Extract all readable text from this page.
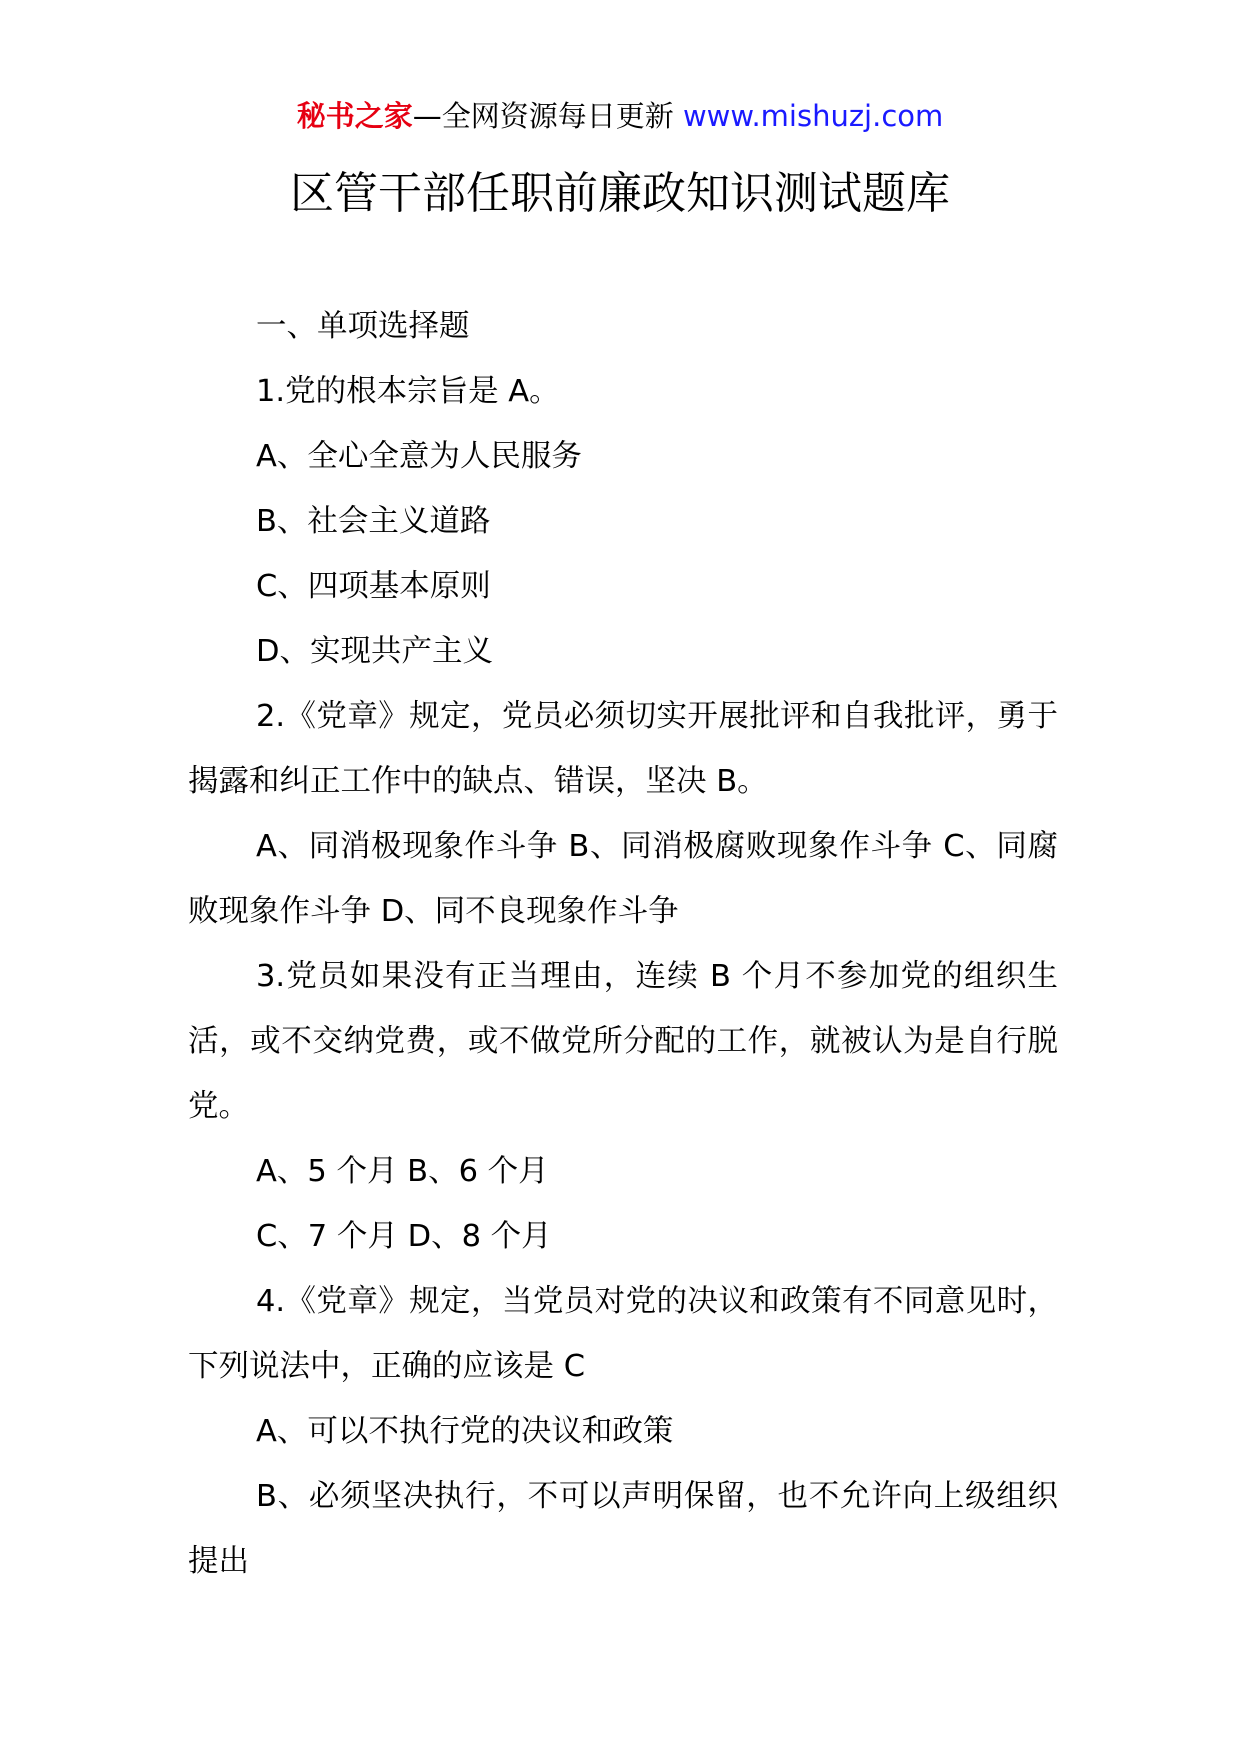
秘书之家—全网资源每日更新 www.mishuzj.com
区管干部任职前廉政知识测试题库

一、单项选择题

1.党的根本宗旨是 A。

A、全心全意为人民服务

B、社会主义道路

C、四项基本原则

D、实现共产主义

2.《党章》规定，党员必须切实开展批评和自我批评，勇于揭露和纠正工作中的缺点、错误，坚决 B。

A、同消极现象作斗争 B、同消极腐败现象作斗争 C、同腐败现象作斗争 D、同不良现象作斗争

3.党员如果没有正当理由，连续 B 个月不参加党的组织生活，或不交纳党费，或不做党所分配的工作，就被认为是自行脱党。

A、5 个月 B、6 个月

C、7 个月 D、8 个月

4.《党章》规定，当党员对党的决议和政策有不同意见时，下列说法中，正确的应该是 C

A、可以不执行党的决议和政策

B、必须坚决执行，不可以声明保留，也不允许向上级组织提出
